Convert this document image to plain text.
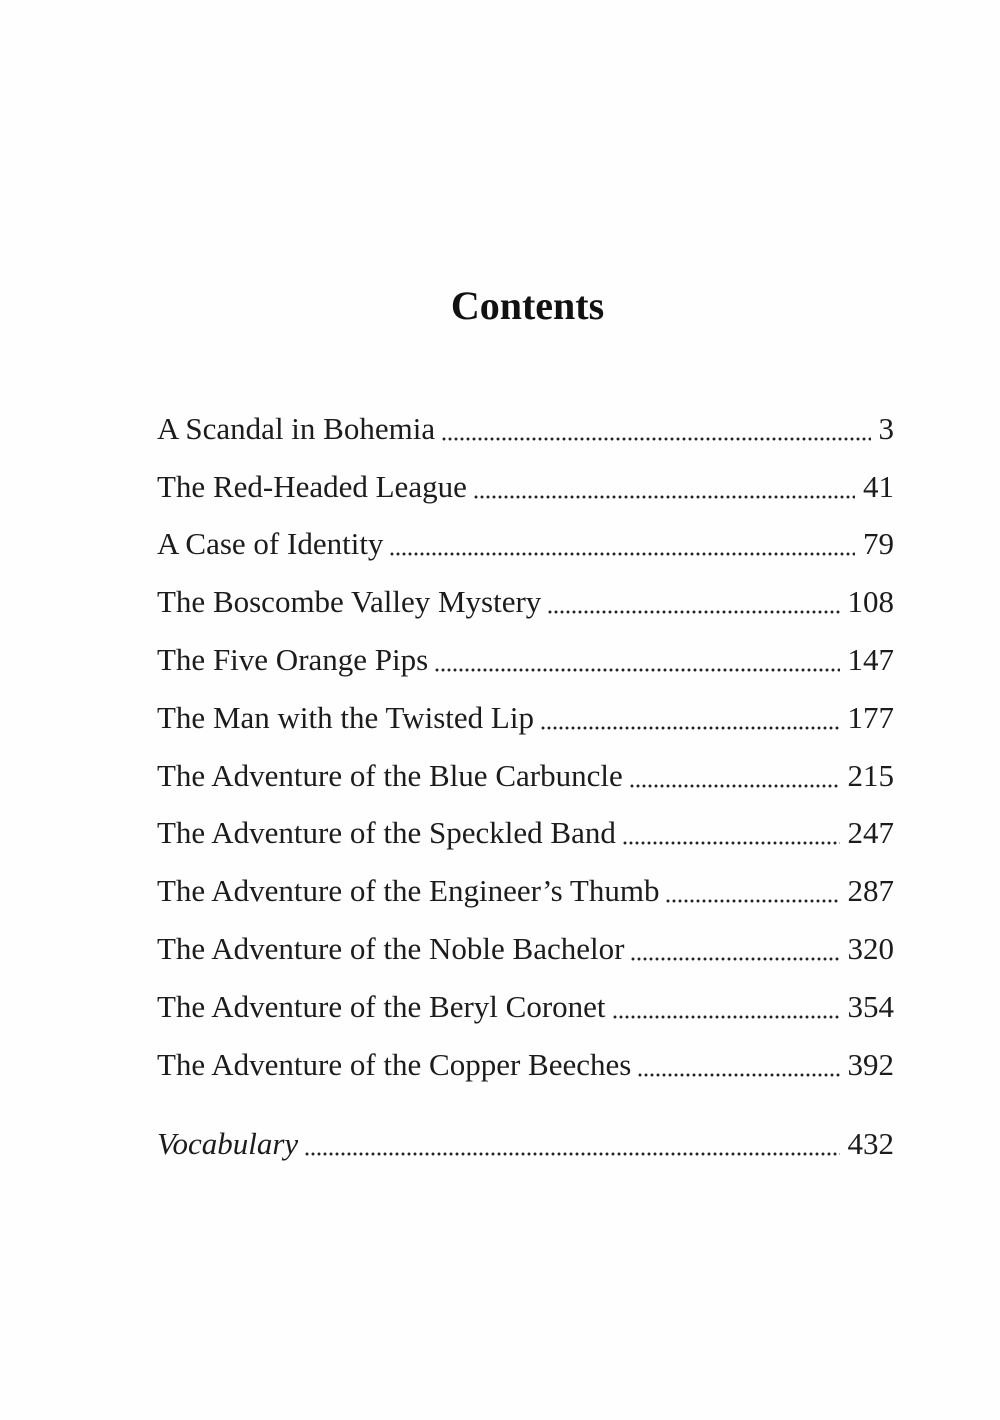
Contents
A Scandal in Bohemia	3
The Red-Headed League	41
A Case of Identity	79
The Boscombe Valley Mystery	108
The Five Orange Pips	147
The Man with the Twisted Lip	177
The Adventure of the Blue Carbuncle	215
The Adventure of the Speckled Band	247
The Adventure of the Engineer’s Thumb	287
The Adventure of the Noble Bachelor	320
The Adventure of the Beryl Coronet	354
The Adventure of the Copper Beeches	392
Vocabulary	432
